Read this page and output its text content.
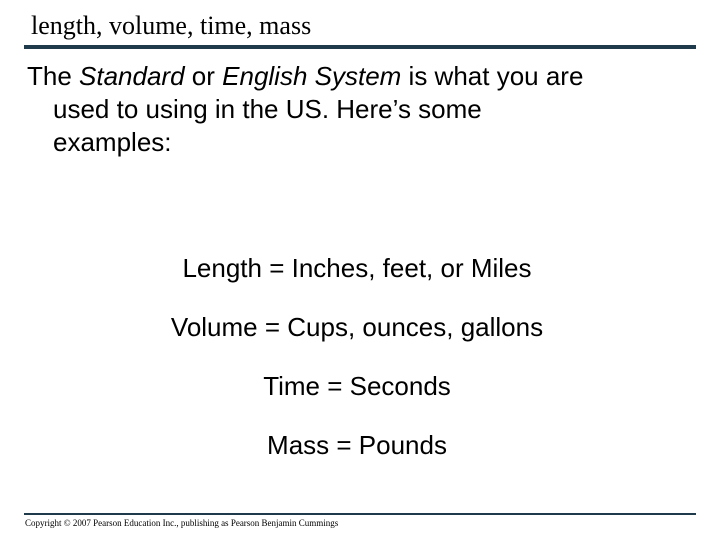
length, volume, time, mass
The Standard or English System is what you are
used to using in the US. Here’s some
examples:
Length = Inches, feet, or Miles
Volume = Cups, ounces, gallons
Time = Seconds
Mass = Pounds
Copyright © 2007 Pearson Education Inc., publishing as Pearson Benjamin Cummings
